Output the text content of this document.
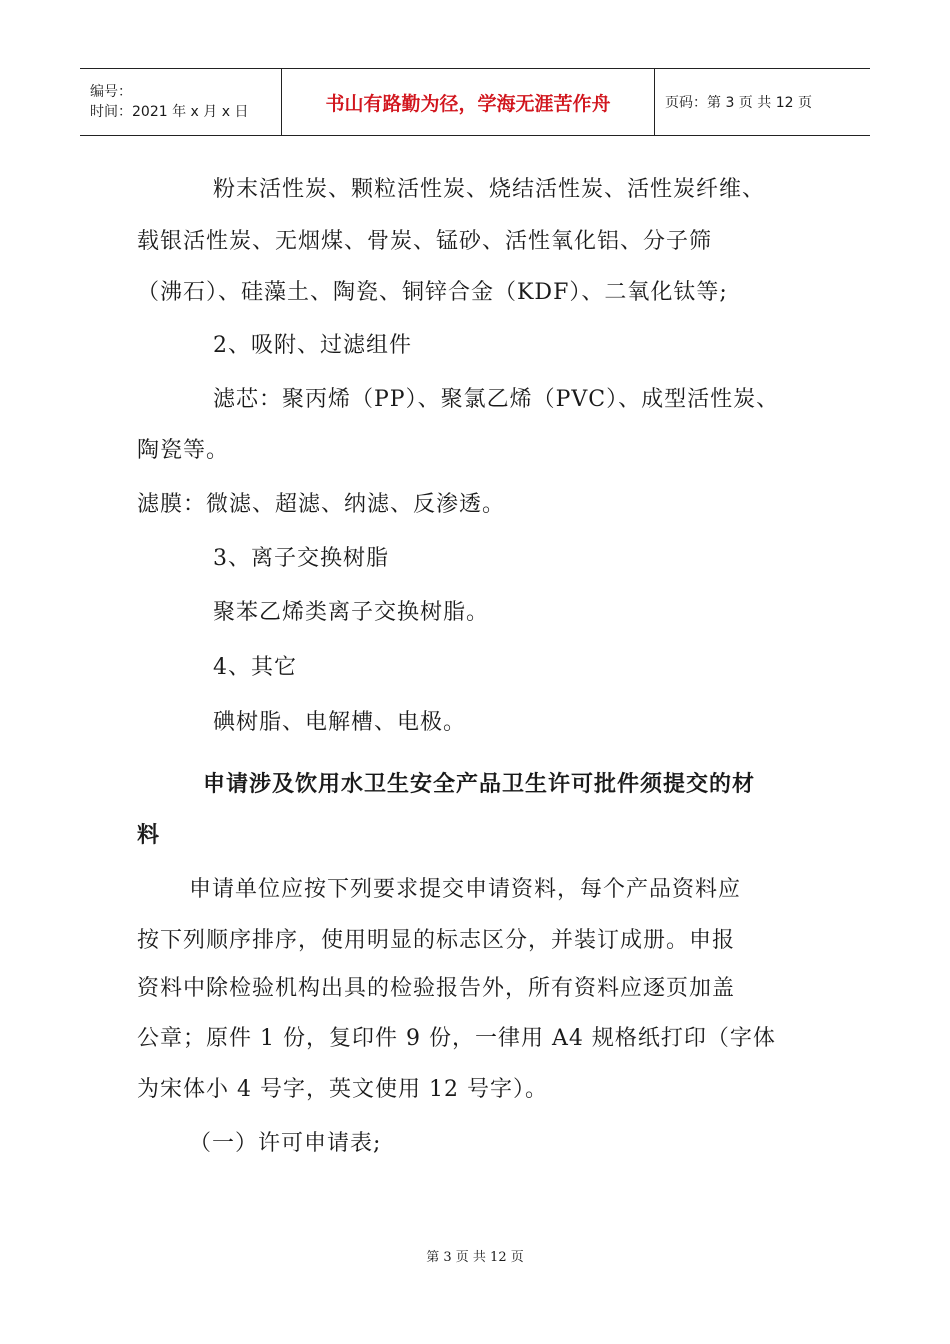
编号：
时间：2021 年 x 月 x 日	书山有路勤为径，学海无涯苦作舟	页码：第 3 页 共 12 页
粉末活性炭、颗粒活性炭、烧结活性炭、活性炭纤维、
载银活性炭、无烟煤、骨炭、锰砂、活性氧化铝、分子筛
（沸石）、硅藻土、陶瓷、铜锌合金（KDF）、二氧化钛等;
2、吸附、过滤组件
滤芯：聚丙烯（PP）、聚氯乙烯（PVC）、成型活性炭、
陶瓷等。
滤膜：微滤、超滤、纳滤、反渗透。
3、离子交换树脂
聚苯乙烯类离子交换树脂。
4、其它
碘树脂、电解槽、电极。
申请涉及饮用水卫生安全产品卫生许可批件须提交的材
料
申请单位应按下列要求提交申请资料，每个产品资料应
按下列顺序排序，使用明显的标志区分，并装订成册。申报
资料中除检验机构出具的检验报告外，所有资料应逐页加盖
公章；原件 1 份，复印件 9 份，一律用 A4 规格纸打印（字体
为宋体小 4 号字，英文使用 12 号字）。
（一）许可申请表;
第 3 页 共 12 页
